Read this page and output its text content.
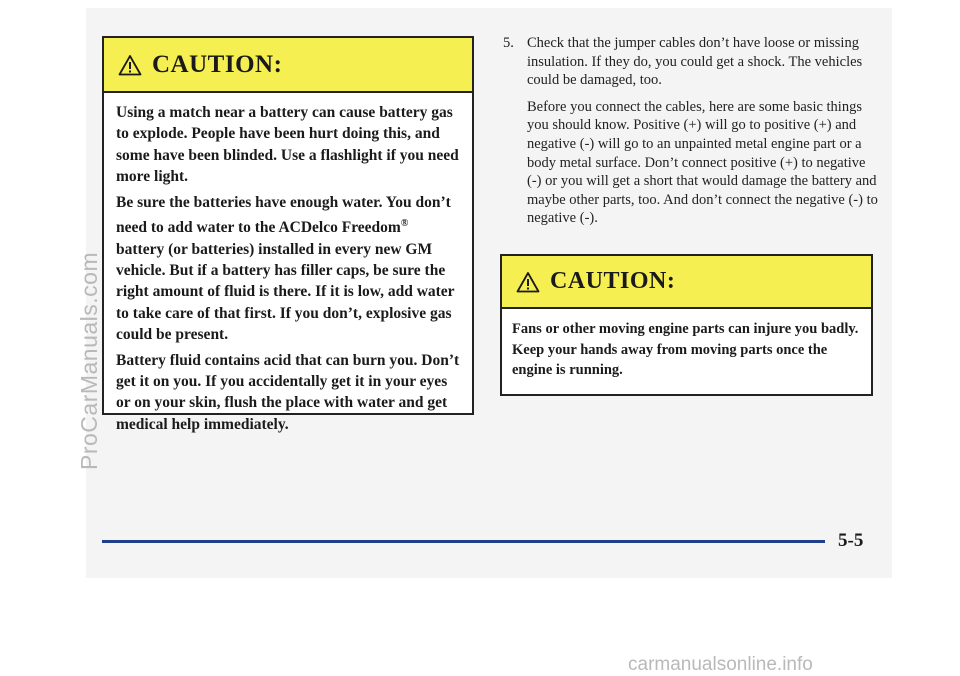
CAUTION:

Using a match near a battery can cause battery gas to explode. People have been hurt doing this, and some have been blinded. Use a flashlight if you need more light.

Be sure the batteries have enough water. You don’t need to add water to the ACDelco Freedom® battery (or batteries) installed in every new GM vehicle. But if a battery has filler caps, be sure the right amount of fluid is there. If it is low, add water to take care of that first. If you don’t, explosive gas could be present.

Battery fluid contains acid that can burn you. Don’t get it on you. If you accidentally get it in your eyes or on your skin, flush the place with water and get medical help immediately.

5. Check that the jumper cables don’t have loose or missing insulation. If they do, you could get a shock. The vehicles could be damaged, too.

Before you connect the cables, here are some basic things you should know. Positive (+) will go to positive (+) and negative (-) will go to an unpainted metal engine part or a body metal surface. Don’t connect positive (+) to negative (-) or you will get a short that would damage the battery and maybe other parts, too. And don’t connect the negative (-) to negative (-).

CAUTION:
Fans or other moving engine parts can injure you badly. Keep your hands away from moving parts once the engine is running.
5-5
ProCarManuals.com
carmanualsonline.info
